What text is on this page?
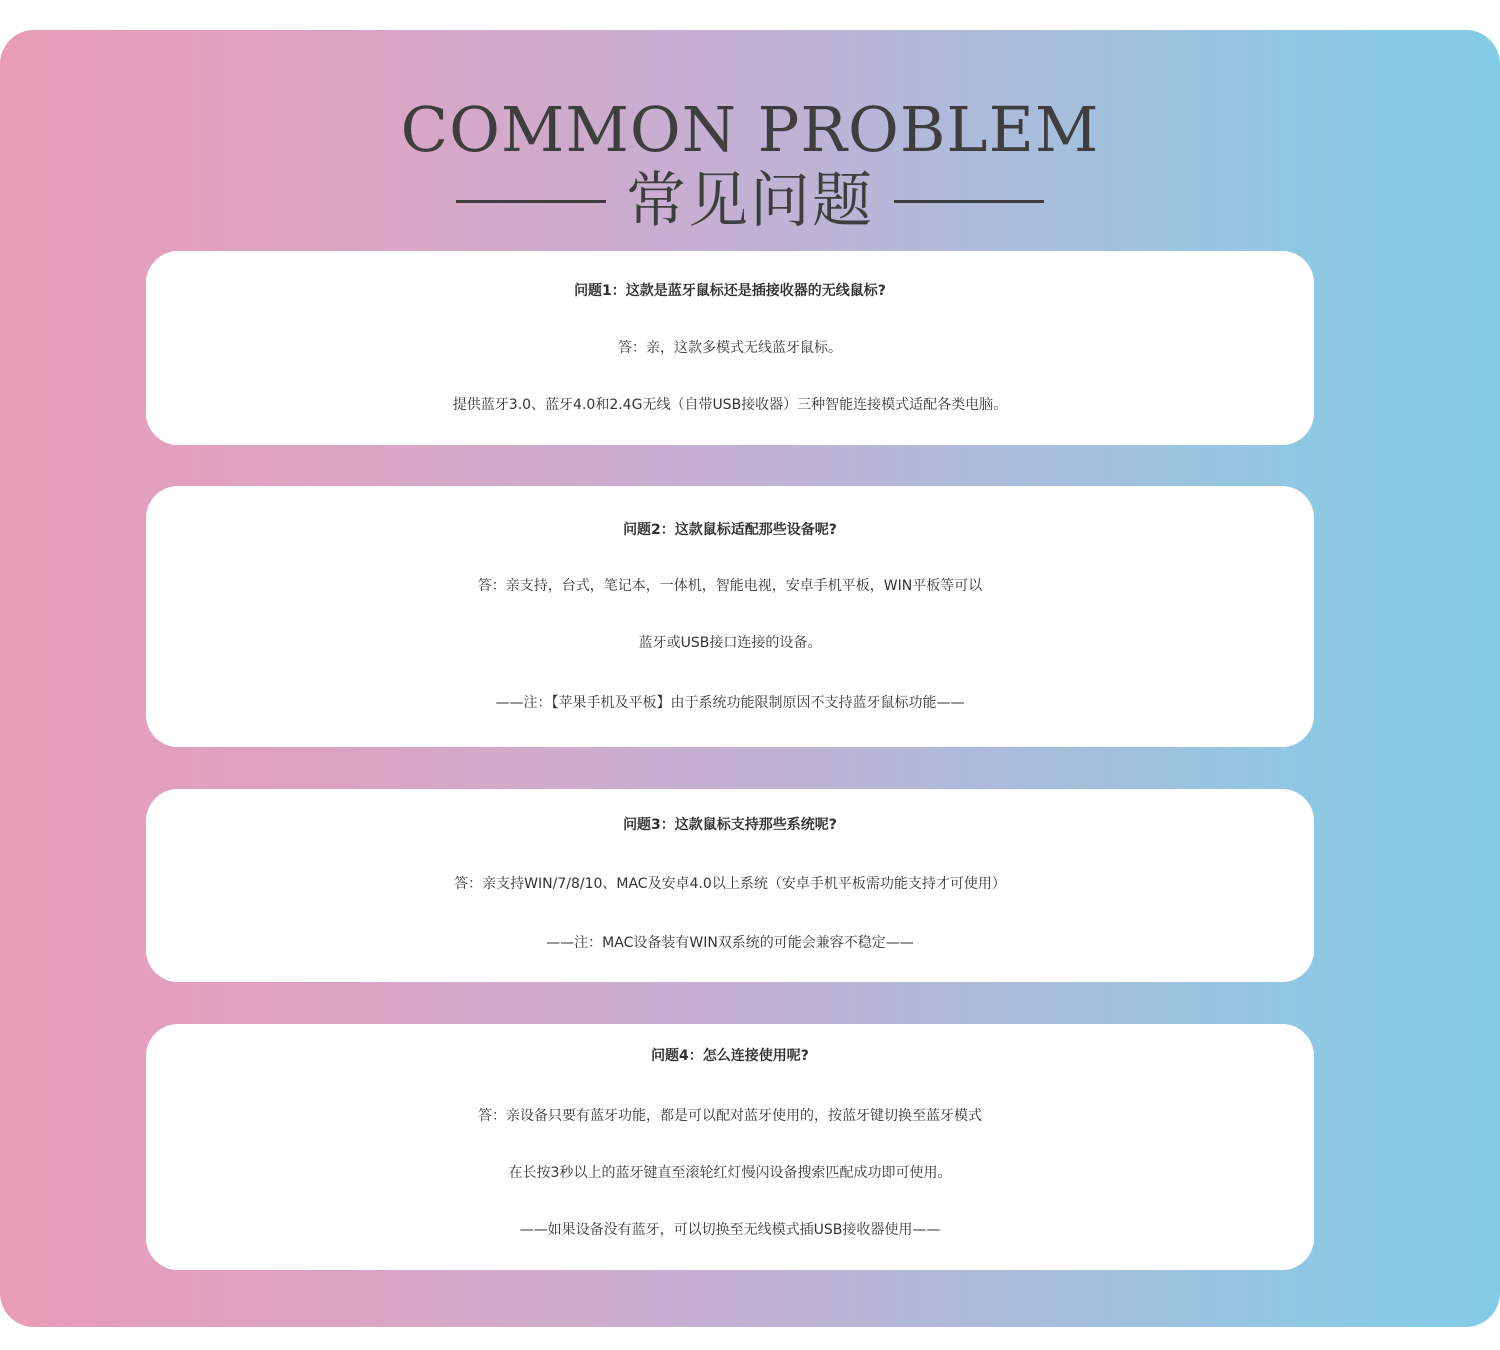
COMMON PROBLEM
常见问题
问题1：这款是蓝牙鼠标还是插接收器的无线鼠标?
答：亲，这款多模式无线蓝牙鼠标。
提供蓝牙3.0、蓝牙4.0和2.4G无线（自带USB接收器）三种智能连接模式适配各类电脑。
问题2：这款鼠标适配那些设备呢?
答：亲支持，台式，笔记本，一体机，智能电视，安卓手机平板，WIN平板等可以
蓝牙或USB接口连接的设备。
——注：【苹果手机及平板】由于系统功能限制原因不支持蓝牙鼠标功能——
问题3：这款鼠标支持那些系统呢?
答：亲支持WIN/7/8/10、MAC及安卓4.0以上系统（安卓手机平板需功能支持才可使用）
——注：MAC设备装有WIN双系统的可能会兼容不稳定——
问题4：怎么连接使用呢?
答：亲设备只要有蓝牙功能，都是可以配对蓝牙使用的，按蓝牙键切换至蓝牙模式
在长按3秒以上的蓝牙键直至滚轮红灯慢闪设备搜索匹配成功即可使用。
——如果设备没有蓝牙，可以切换至无线模式插USB接收器使用——
